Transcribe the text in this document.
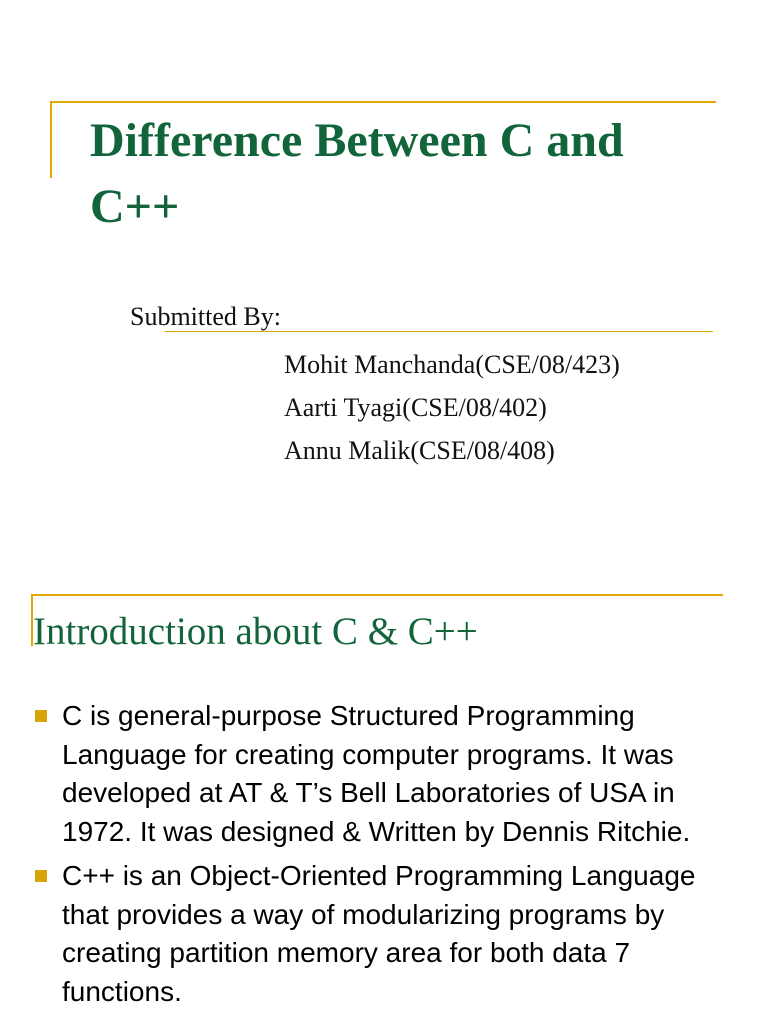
Difference Between C and C++
Submitted By:
Mohit Manchanda(CSE/08/423)
Aarti Tyagi(CSE/08/402)
Annu Malik(CSE/08/408)
Introduction about C & C++
C is general-purpose Structured Programming Language for creating computer programs. It was developed at AT & T’s Bell Laboratories of USA in 1972. It was designed & Written by Dennis Ritchie.
C++ is an Object-Oriented Programming Language that provides a way of modularizing programs by creating partition memory area for both data 7 functions.
